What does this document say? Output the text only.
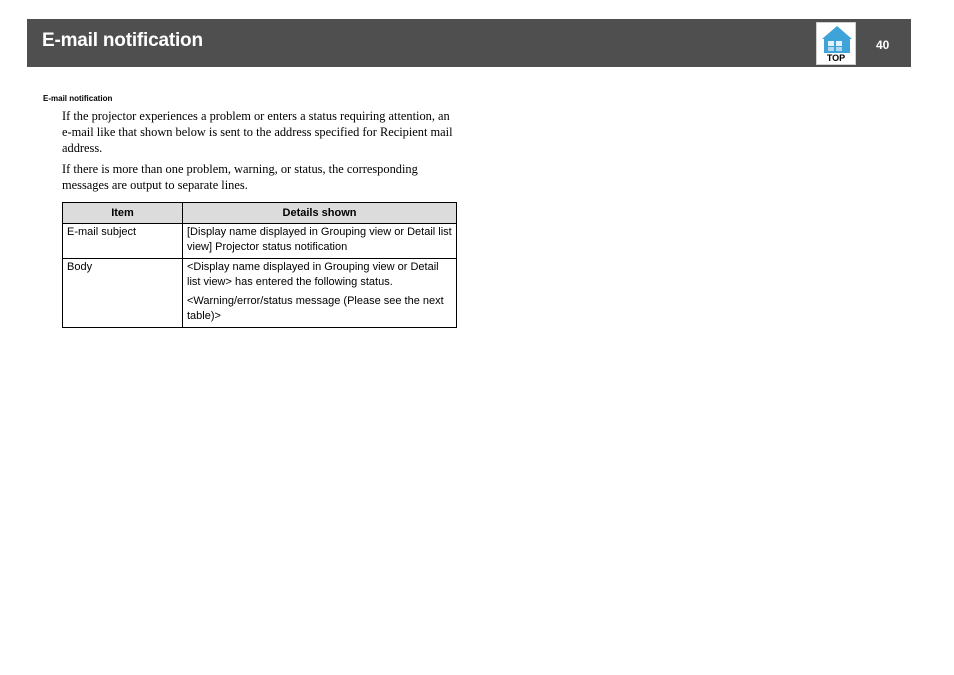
E-mail notification
TOP
40
E-mail notification

If the projector experiences a problem or enters a status requiring attention, an e-mail like that shown below is sent to the address specified for Recipient mail address.

If there is more than one problem, warning, or status, the corresponding messages are output to separate lines.

Item	Details shown
E-mail subject	[Display name displayed in Grouping view or Detail list view] Projector status notification

Body	<Display name displayed in Grouping view or Detail list view> has entered the following status.
<Warning/error/status message (Please see the next table)>
